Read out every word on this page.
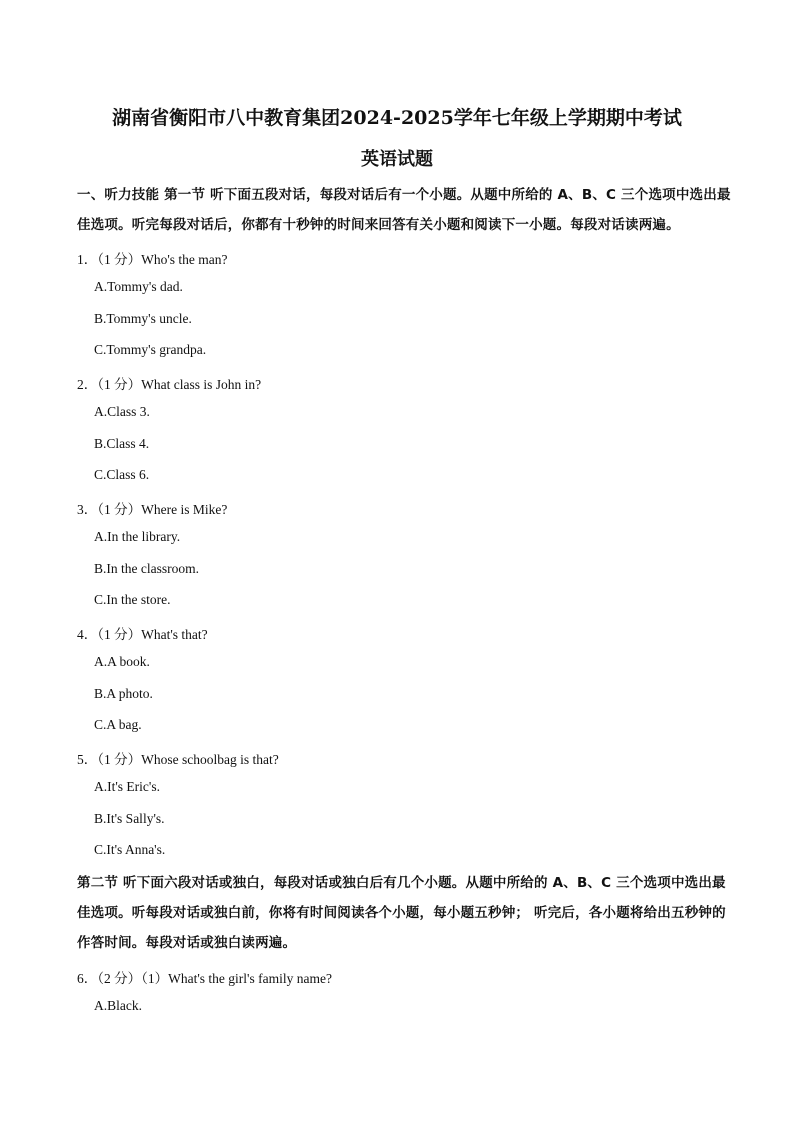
湖南省衡阳市八中教育集团2024-2025学年七年级上学期期中考试
英语试题
一、听力技能 第一节 听下面五段对话，每段对话后有一个小题。从题中所给的 A、B、C 三个选项中选出最佳选项。听完每段对话后，你都有十秒钟的时间来回答有关小题和阅读下一小题。每段对话读两遍。
1．（1 分）Who's the man?
A.Tommy's dad.
B.Tommy's uncle.
C.Tommy's grandpa.
2．（1 分）What class is John in?
A.Class 3.
B.Class 4.
C.Class 6.
3．（1 分）Where is Mike?
A.In the library.
B.In the classroom.
C.In the store.
4．（1 分）What's that?
A.A book.
B.A photo.
C.A bag.
5．（1 分）Whose schoolbag is that?
A.It's Eric's.
B.It's Sally's.
C.It's Anna's.
第二节 听下面六段对话或独白，每段对话或独白后有几个小题。从题中所给的 A、B、C 三个选项中选出最佳选项。听每段对话或独白前，你将有时间阅读各个小题，每小题五秒钟； 听完后，各小题将给出五秒钟的作答时间。每段对话或独白读两遍。
6．（2 分）（1）What's the girl's family name?
A.Black.
